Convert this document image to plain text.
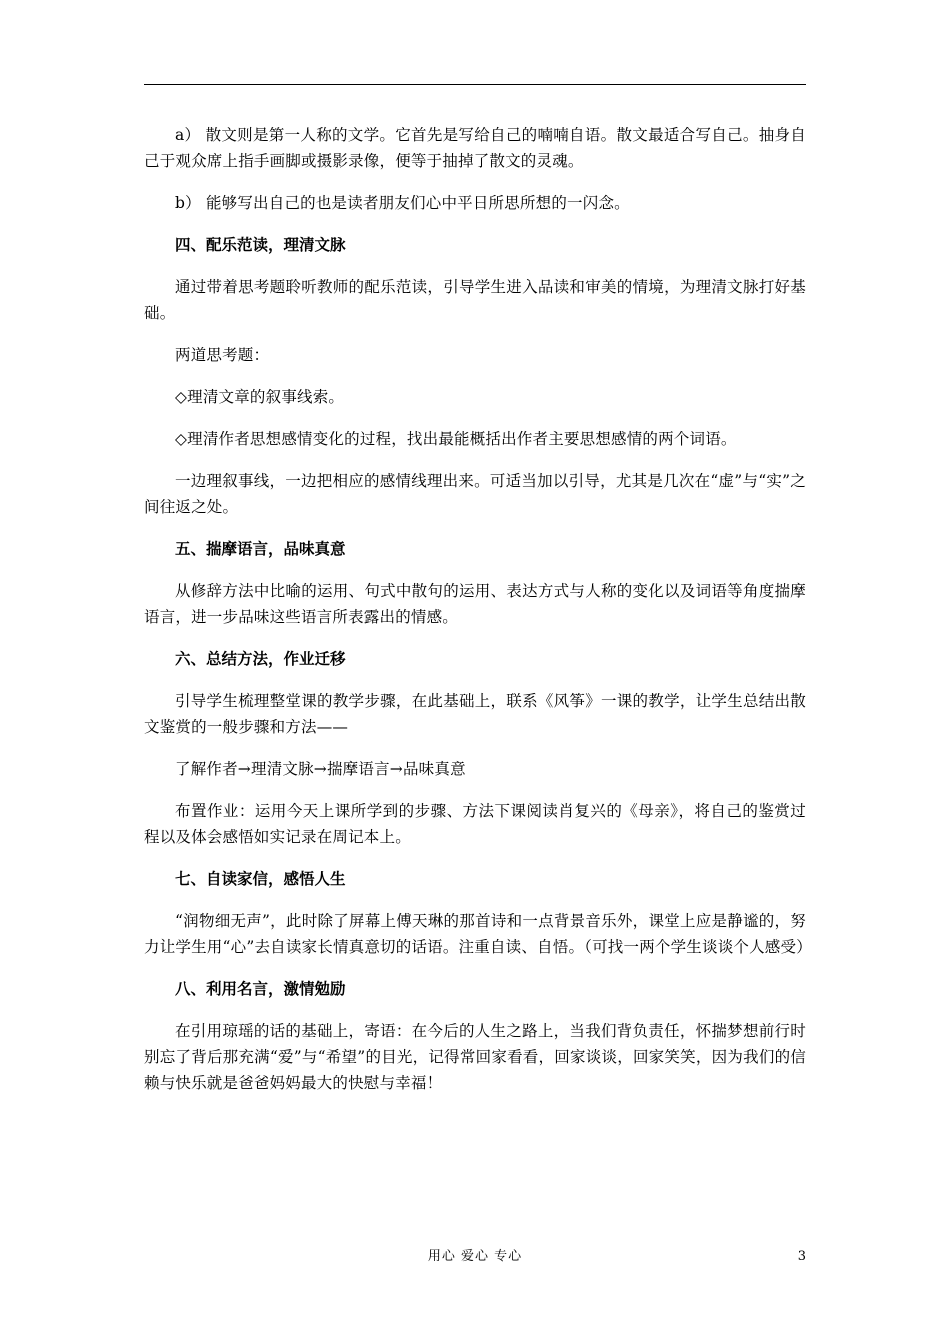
a） 散文则是第一人称的文学。它首先是写给自己的喃喃自语。散文最适合写自己。抽身自己于观众席上指手画脚或摄影录像，便等于抽掉了散文的灵魂。

b） 能够写出自己的也是读者朋友们心中平日所思所想的一闪念。

四、配乐范读，理清文脉

通过带着思考题聆听教师的配乐范读，引导学生进入品读和审美的情境，为理清文脉打好基础。

两道思考题：

◇理清文章的叙事线索。

◇理清作者思想感情变化的过程，找出最能概括出作者主要思想感情的两个词语。

一边理叙事线，一边把相应的感情线理出来。可适当加以引导，尤其是几次在“虚”与“实”之间往返之处。

五、揣摩语言，品味真意

从修辞方法中比喻的运用、句式中散句的运用、表达方式与人称的变化以及词语等角度揣摩语言，进一步品味这些语言所表露出的情感。

六、总结方法，作业迁移

引导学生梳理整堂课的教学步骤，在此基础上，联系《风筝》一课的教学，让学生总结出散文鉴赏的一般步骤和方法——

了解作者→理清文脉→揣摩语言→品味真意

布置作业：运用今天上课所学到的步骤、方法下课阅读肖复兴的《母亲》，将自己的鉴赏过程以及体会感悟如实记录在周记本上。

七、自读家信，感悟人生

“润物细无声”，此时除了屏幕上傅天琳的那首诗和一点背景音乐外，课堂上应是静谧的，努力让学生用“心”去自读家长情真意切的话语。注重自读、自悟。（可找一两个学生谈谈个人感受）

八、利用名言，激情勉励

在引用琼瑶的话的基础上，寄语：在今后的人生之路上，当我们背负责任，怀揣梦想前行时别忘了背后那充满“爱”与“希望”的目光，记得常回家看看，回家谈谈，回家笑笑，因为我们的信赖与快乐就是爸爸妈妈最大的快慰与幸福！

用心 爱心 专心	3
